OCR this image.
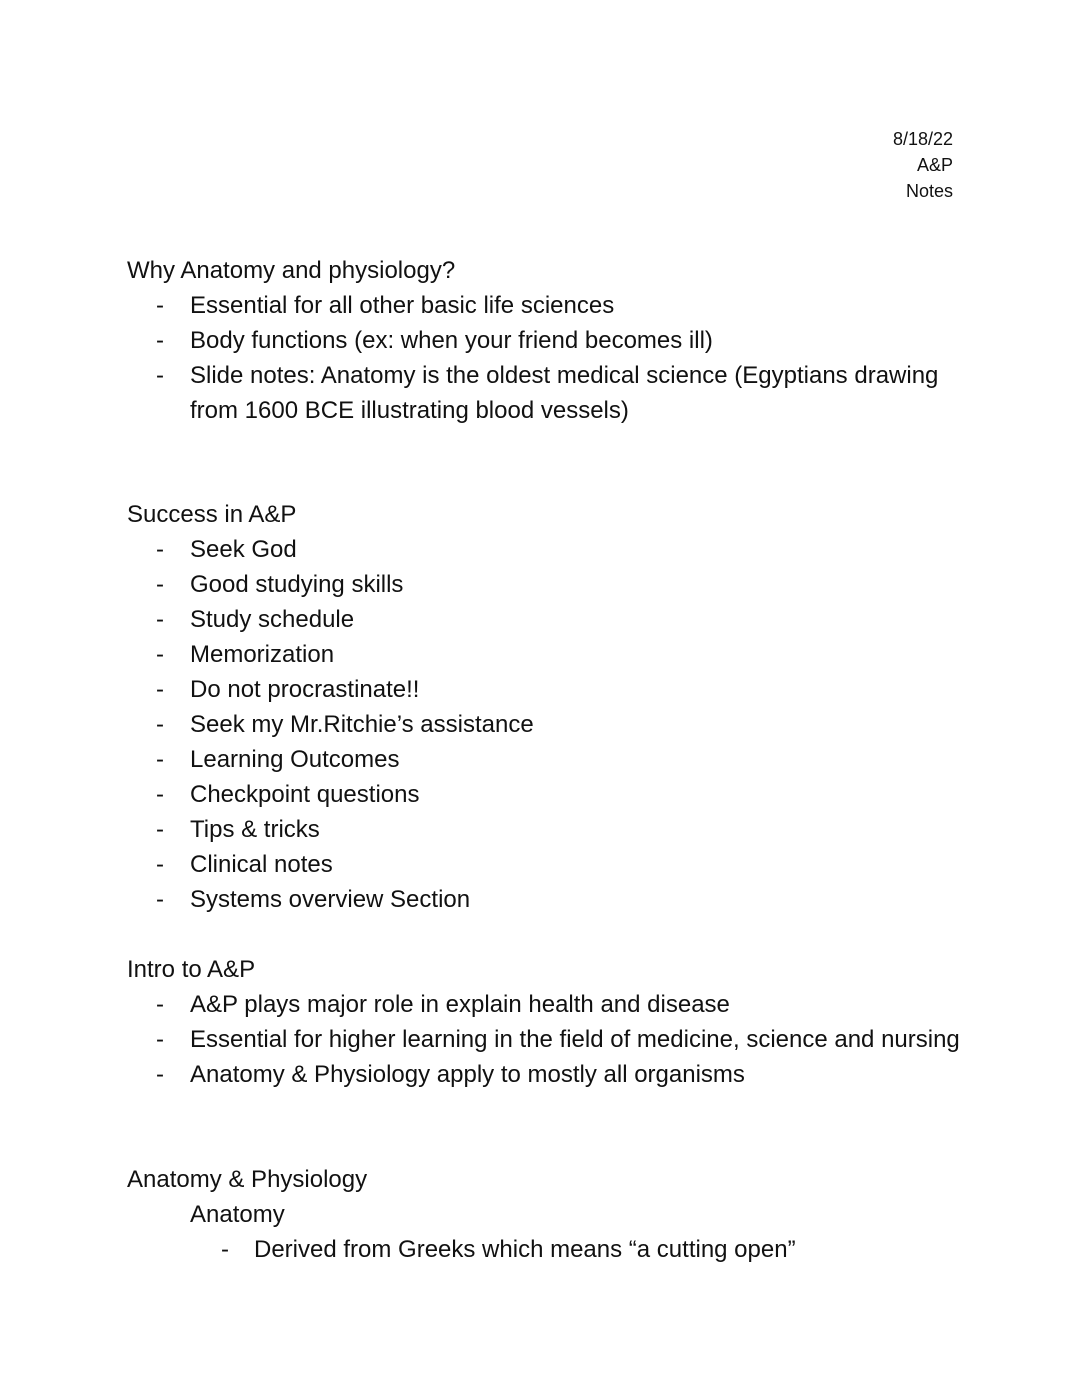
8/18/22
A&P
Notes
Why Anatomy and physiology?
- Essential for all other basic life sciences
- Body functions (ex: when your friend becomes ill)
- Slide notes: Anatomy is the oldest medical science (Egyptians drawing from 1600 BCE illustrating blood vessels)
Success in A&P
- Seek God
- Good studying skills
- Study schedule
- Memorization
- Do not procrastinate!!
- Seek my Mr.Ritchie’s assistance
- Learning Outcomes
- Checkpoint questions
- Tips & tricks
- Clinical notes
- Systems overview Section
Intro to A&P
- A&P plays major role in explain health and disease
- Essential for higher learning in the field of medicine, science and nursing
- Anatomy & Physiology apply to mostly all organisms
Anatomy & Physiology
Anatomy
- Derived from Greeks which means “a cutting open”
